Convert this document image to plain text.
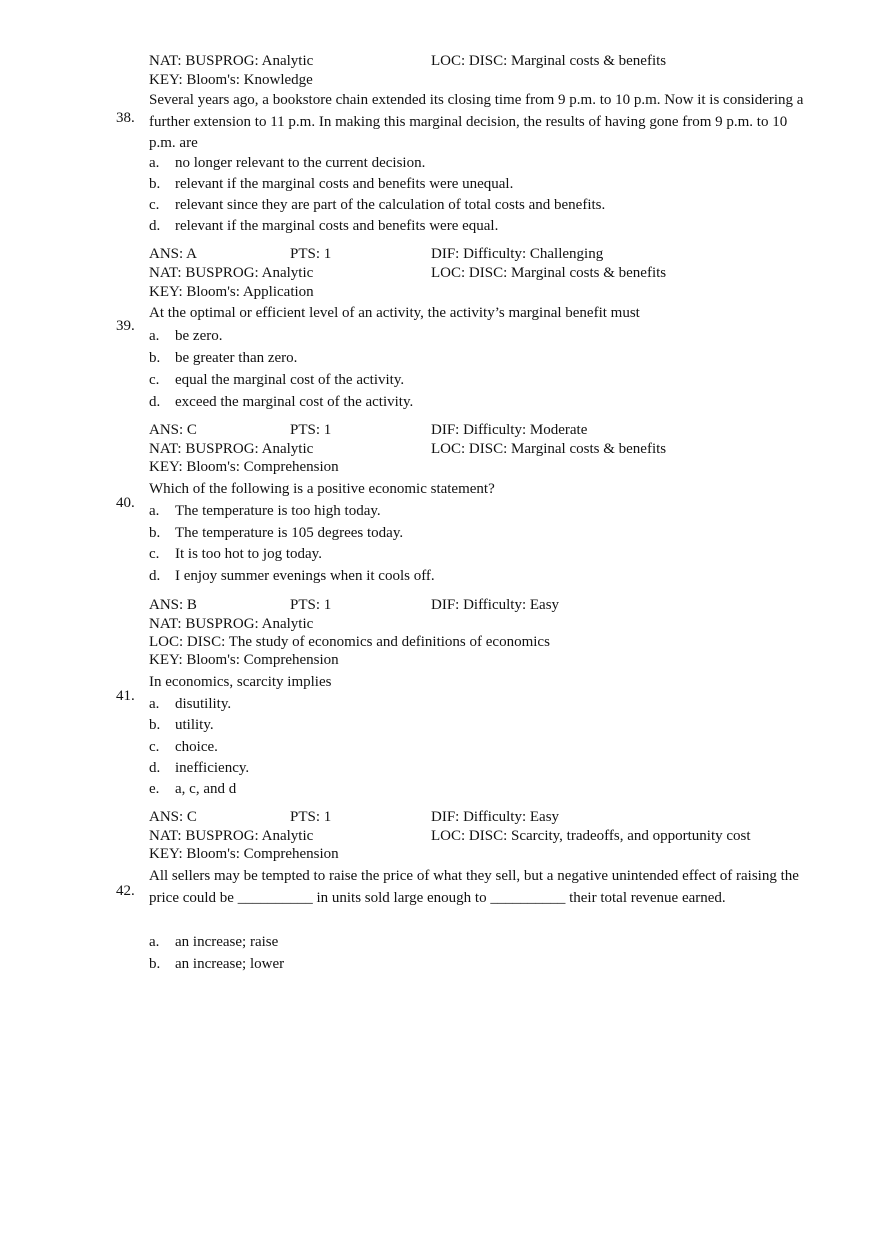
NAT: BUSPROG: Analytic	LOC: DISC: Marginal costs & benefits
KEY: Bloom's: Knowledge
38.
Several years ago, a bookstore chain extended its closing time from 9 p.m. to 10 p.m. Now it is considering a further extension to 11 p.m. In making this marginal decision, the results of having gone from 9 p.m. to 10 p.m. are
a. no longer relevant to the current decision.
b. relevant if the marginal costs and benefits were unequal.
c. relevant since they are part of the calculation of total costs and benefits.
d. relevant if the marginal costs and benefits were equal.
ANS: A	PTS: 1	DIF: Difficulty: Challenging
NAT: BUSPROG: Analytic	LOC: DISC: Marginal costs & benefits
KEY: Bloom's: Application
39.
At the optimal or efficient level of an activity, the activity’s marginal benefit must
a. be zero.
b. be greater than zero.
c. equal the marginal cost of the activity.
d. exceed the marginal cost of the activity.
ANS: C	PTS: 1	DIF: Difficulty: Moderate
NAT: BUSPROG: Analytic	LOC: DISC: Marginal costs & benefits
KEY: Bloom's: Comprehension
40.
Which of the following is a positive economic statement?
a. The temperature is too high today.
b. The temperature is 105 degrees today.
c. It is too hot to jog today.
d. I enjoy summer evenings when it cools off.
ANS: B	PTS: 1	DIF: Difficulty: Easy
NAT: BUSPROG: Analytic
LOC: DISC: The study of economics and definitions of economics
KEY: Bloom's: Comprehension
41.
In economics, scarcity implies
a. disutility.
b. utility.
c. choice.
d. inefficiency.
e. a, c, and d
ANS: C	PTS: 1	DIF: Difficulty: Easy
NAT: BUSPROG: Analytic	LOC: DISC: Scarcity, tradeoffs, and opportunity cost
KEY: Bloom's: Comprehension
42.
All sellers may be tempted to raise the price of what they sell, but a negative unintended effect of raising the price could be __________ in units sold large enough to __________ their total revenue earned.
a. an increase; raise
b. an increase; lower
